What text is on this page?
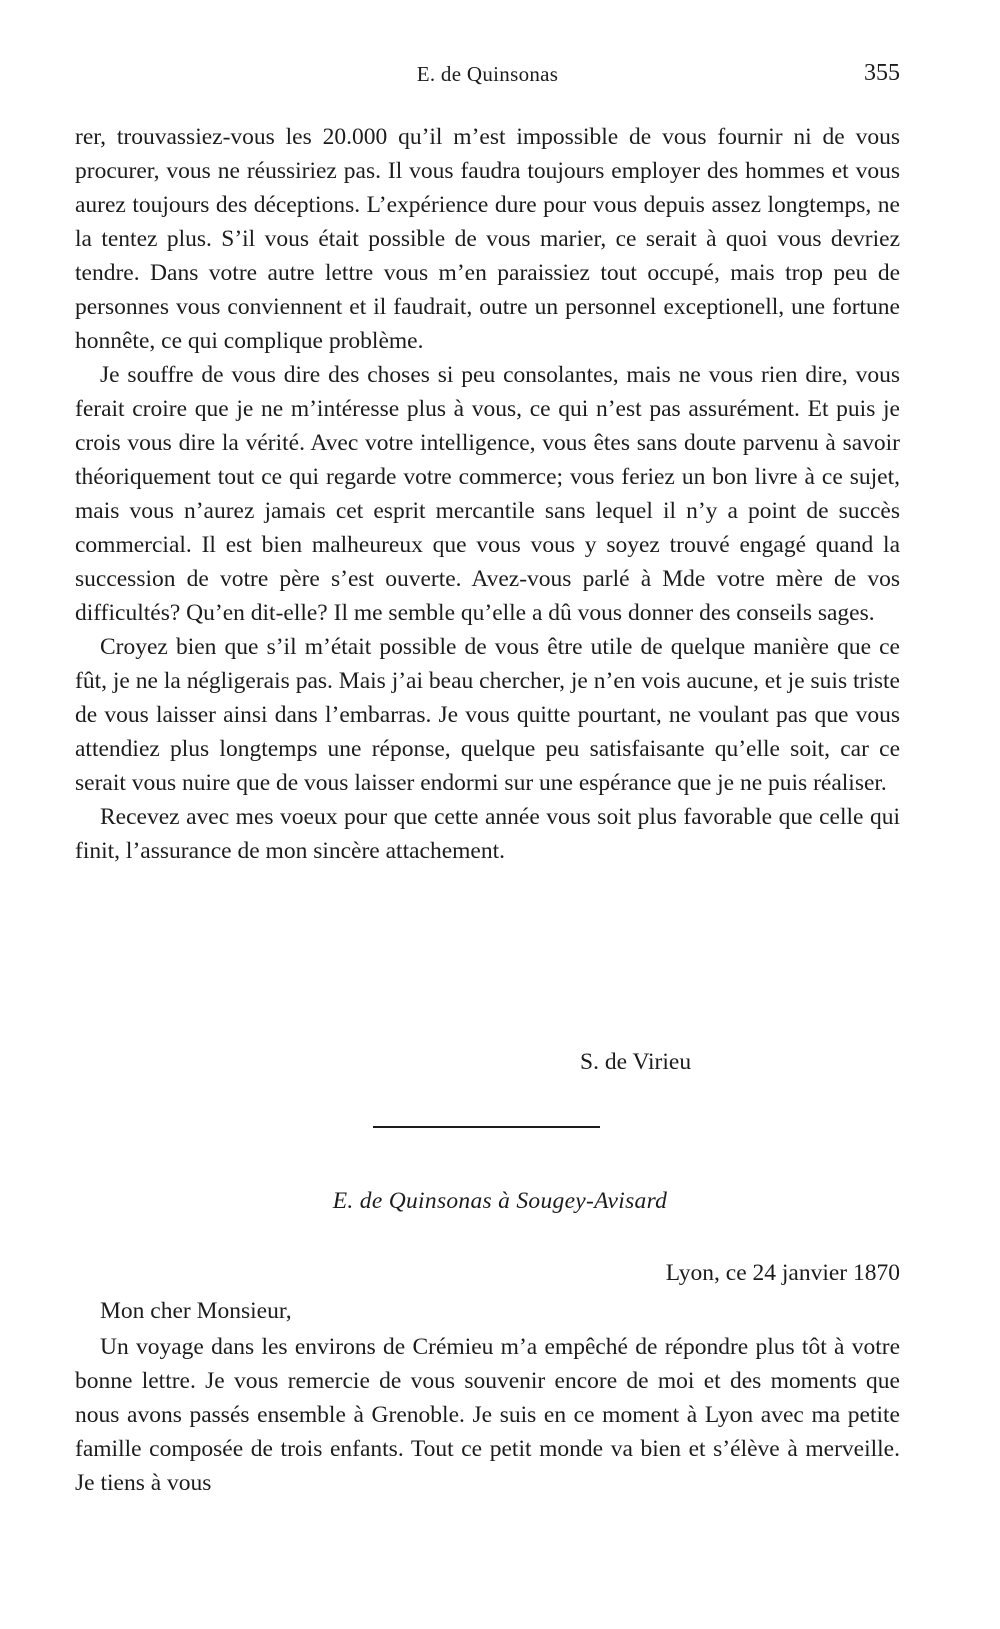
E. de Quinsonas	355

rer, trouvassiez-vous les 20.000 qu’il m’est impossible de vous fournir ni de vous procurer, vous ne réussiriez pas. Il vous faudra toujours employer des hommes et vous aurez toujours des déceptions. L’expérience dure pour vous depuis assez longtemps, ne la tentez plus. S’il vous était possible de vous marier, ce serait à quoi vous devriez tendre. Dans votre autre lettre vous m’en paraissiez tout occupé, mais trop peu de personnes vous conviennent et il faudrait, outre un personnel exceptionell, une fortune honnête, ce qui complique problème.

Je souffre de vous dire des choses si peu consolantes, mais ne vous rien dire, vous ferait croire que je ne m’intéresse plus à vous, ce qui n’est pas assurément. Et puis je crois vous dire la vérité. Avec votre intelligence, vous êtes sans doute parvenu à savoir théoriquement tout ce qui regarde votre commerce; vous feriez un bon livre à ce sujet, mais vous n’aurez jamais cet esprit mercantile sans lequel il n’y a point de succès commercial. Il est bien malheureux que vous vous y soyez trouvé engagé quand la succession de votre père s’est ouverte. Avez-vous parlé à Mde votre mère de vos difficultés? Qu’en dit-elle? Il me semble qu’elle a dû vous donner des conseils sages.

Croyez bien que s’il m’était possible de vous être utile de quelque manière que ce fût, je ne la négligerais pas. Mais j’ai beau chercher, je n’en vois aucune, et je suis triste de vous laisser ainsi dans l’embarras. Je vous quitte pourtant, ne voulant pas que vous attendiez plus longtemps une réponse, quelque peu satisfaisante qu’elle soit, car ce serait vous nuire que de vous laisser endormi sur une espérance que je ne puis réaliser.

Recevez avec mes voeux pour que cette année vous soit plus favorable que celle qui finit, l’assurance de mon sincère attachement.

S. de Virieu
E. de Quinsonas à Sougey-Avisard
Lyon, ce 24 janvier 1870
Mon cher Monsieur,

Un voyage dans les environs de Crémieu m’a empêché de répondre plus tôt à votre bonne lettre. Je vous remercie de vous souvenir encore de moi et des moments que nous avons passés ensemble à Grenoble. Je suis en ce moment à Lyon avec ma petite famille composée de trois enfants. Tout ce petit monde va bien et s’élève à merveille. Je tiens à vous
